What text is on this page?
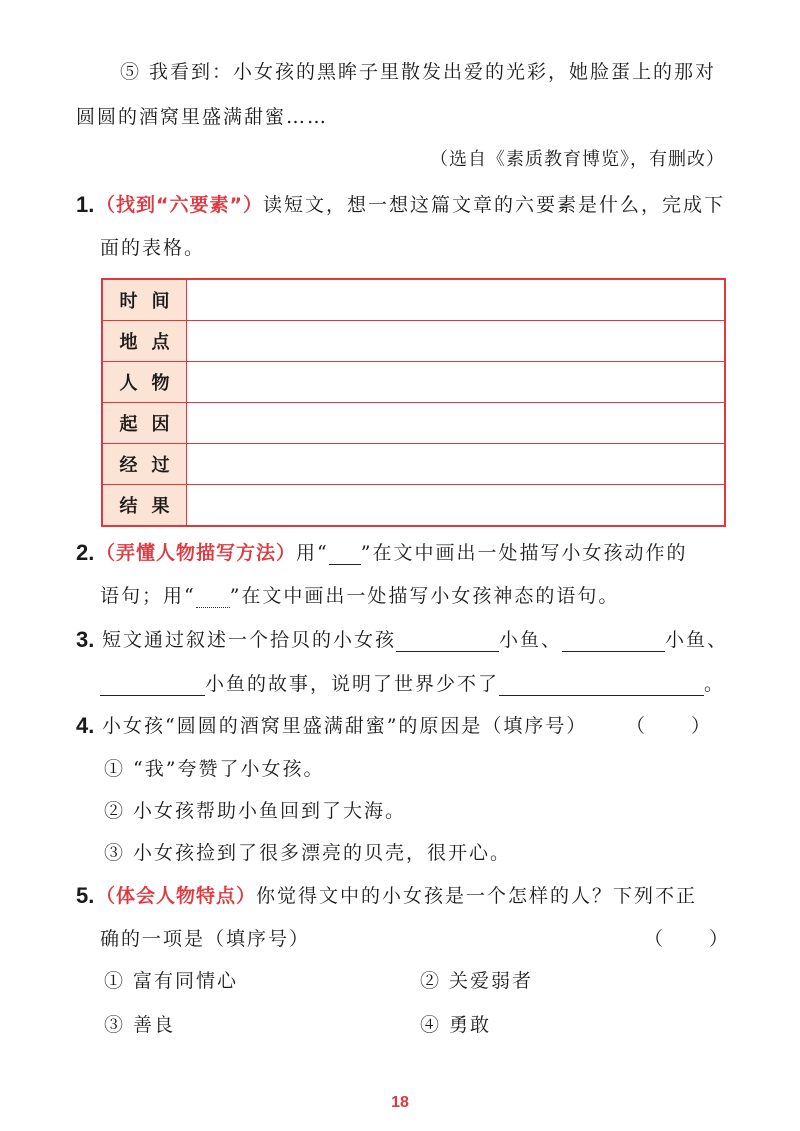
⑤ 我看到：小女孩的黑眸子里散发出爱的光彩，她脸蛋上的那对
圆圆的酒窝里盛满甜蜜……
（选自《素质教育博览》，有删改）
1. （找到“六要素”）读短文，想一想这篇文章的六要素是什么，完成下
面的表格。
时间	
地点	
人物	
起因	
经过	
结果	
2. （弄懂人物描写方法）用“ ”在文中画出一处描写小女孩动作的
语句；用“ ”在文中画出一处描写小女孩神态的语句。
3. 短文通过叙述一个拾贝的小女孩	小鱼、	小鱼、
小鱼的故事，说明了世界少不了	。
4. 小女孩“圆圆的酒窝里盛满甜蜜”的原因是（填序号） （ ）
① “我”夸赞了小女孩。
② 小女孩帮助小鱼回到了大海。
③ 小女孩捡到了很多漂亮的贝壳，很开心。
5. （体会人物特点）你觉得文中的小女孩是一个怎样的人？下列不正
确的一项是（填序号）	（ ）
① 富有同情心	② 关爱弱者
③ 善良	④ 勇敢
18
